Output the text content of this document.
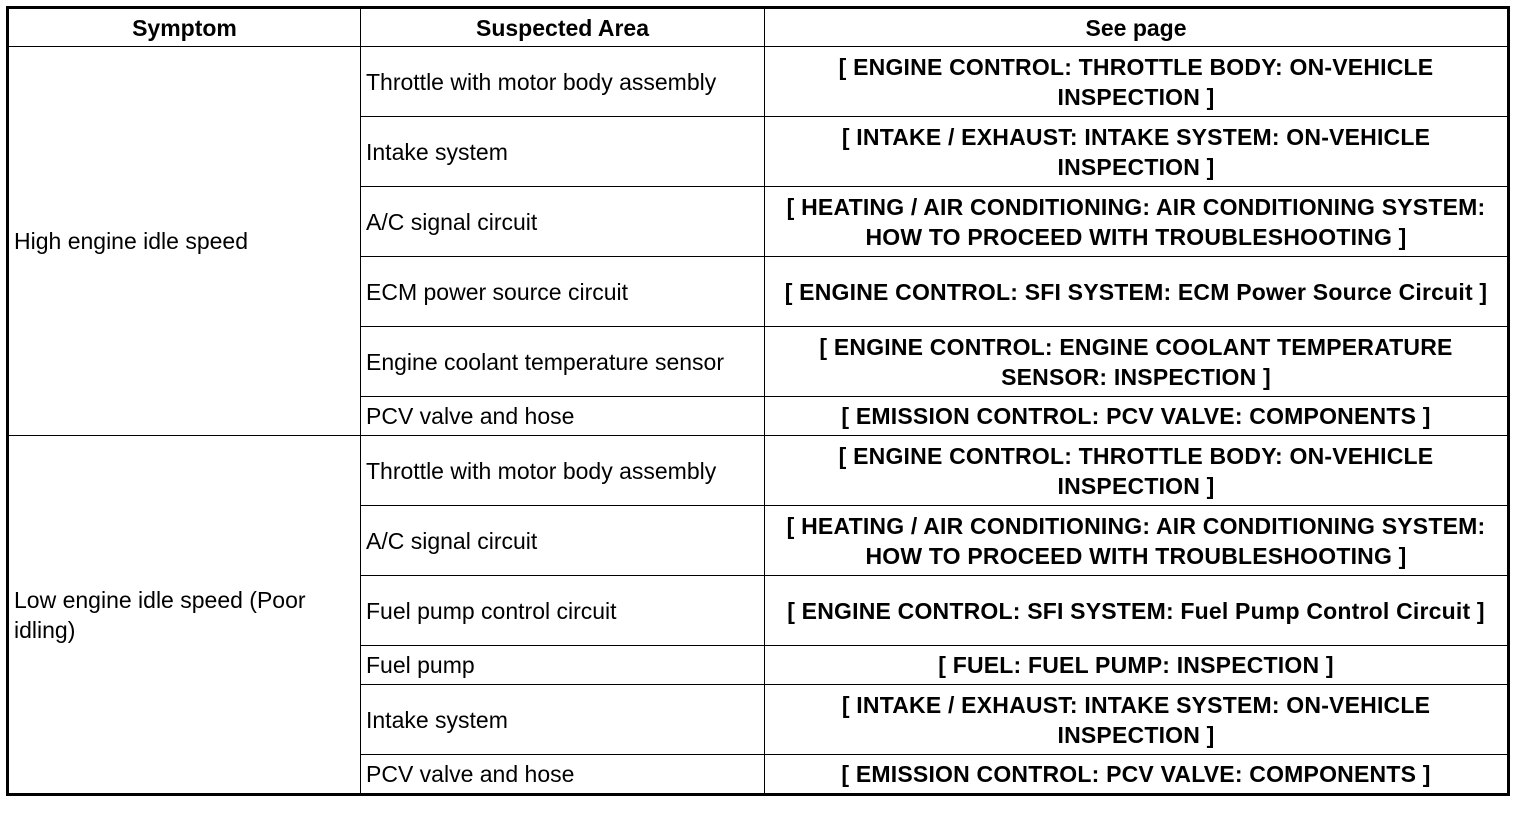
Symptom	Suspected Area	See page
High engine idle speed	Throttle with motor body assembly	[ ENGINE CONTROL: THROTTLE BODY: ON-VEHICLE INSPECTION ]
	Intake system	[ INTAKE / EXHAUST: INTAKE SYSTEM: ON-VEHICLE INSPECTION ]
	A/C signal circuit	[ HEATING / AIR CONDITIONING: AIR CONDITIONING SYSTEM: HOW TO PROCEED WITH TROUBLESHOOTING ]
	ECM power source circuit	[ ENGINE CONTROL: SFI SYSTEM: ECM Power Source Circuit ]
	Engine coolant temperature sensor	[ ENGINE CONTROL: ENGINE COOLANT TEMPERATURE SENSOR: INSPECTION ]
	PCV valve and hose	[ EMISSION CONTROL: PCV VALVE: COMPONENTS ]
Low engine idle speed (Poor idling)	Throttle with motor body assembly	[ ENGINE CONTROL: THROTTLE BODY: ON-VEHICLE INSPECTION ]
	A/C signal circuit	[ HEATING / AIR CONDITIONING: AIR CONDITIONING SYSTEM: HOW TO PROCEED WITH TROUBLESHOOTING ]
	Fuel pump control circuit	[ ENGINE CONTROL: SFI SYSTEM: Fuel Pump Control Circuit ]
	Fuel pump	[ FUEL: FUEL PUMP: INSPECTION ]
	Intake system	[ INTAKE / EXHAUST: INTAKE SYSTEM: ON-VEHICLE INSPECTION ]
	PCV valve and hose	[ EMISSION CONTROL: PCV VALVE: COMPONENTS ]
